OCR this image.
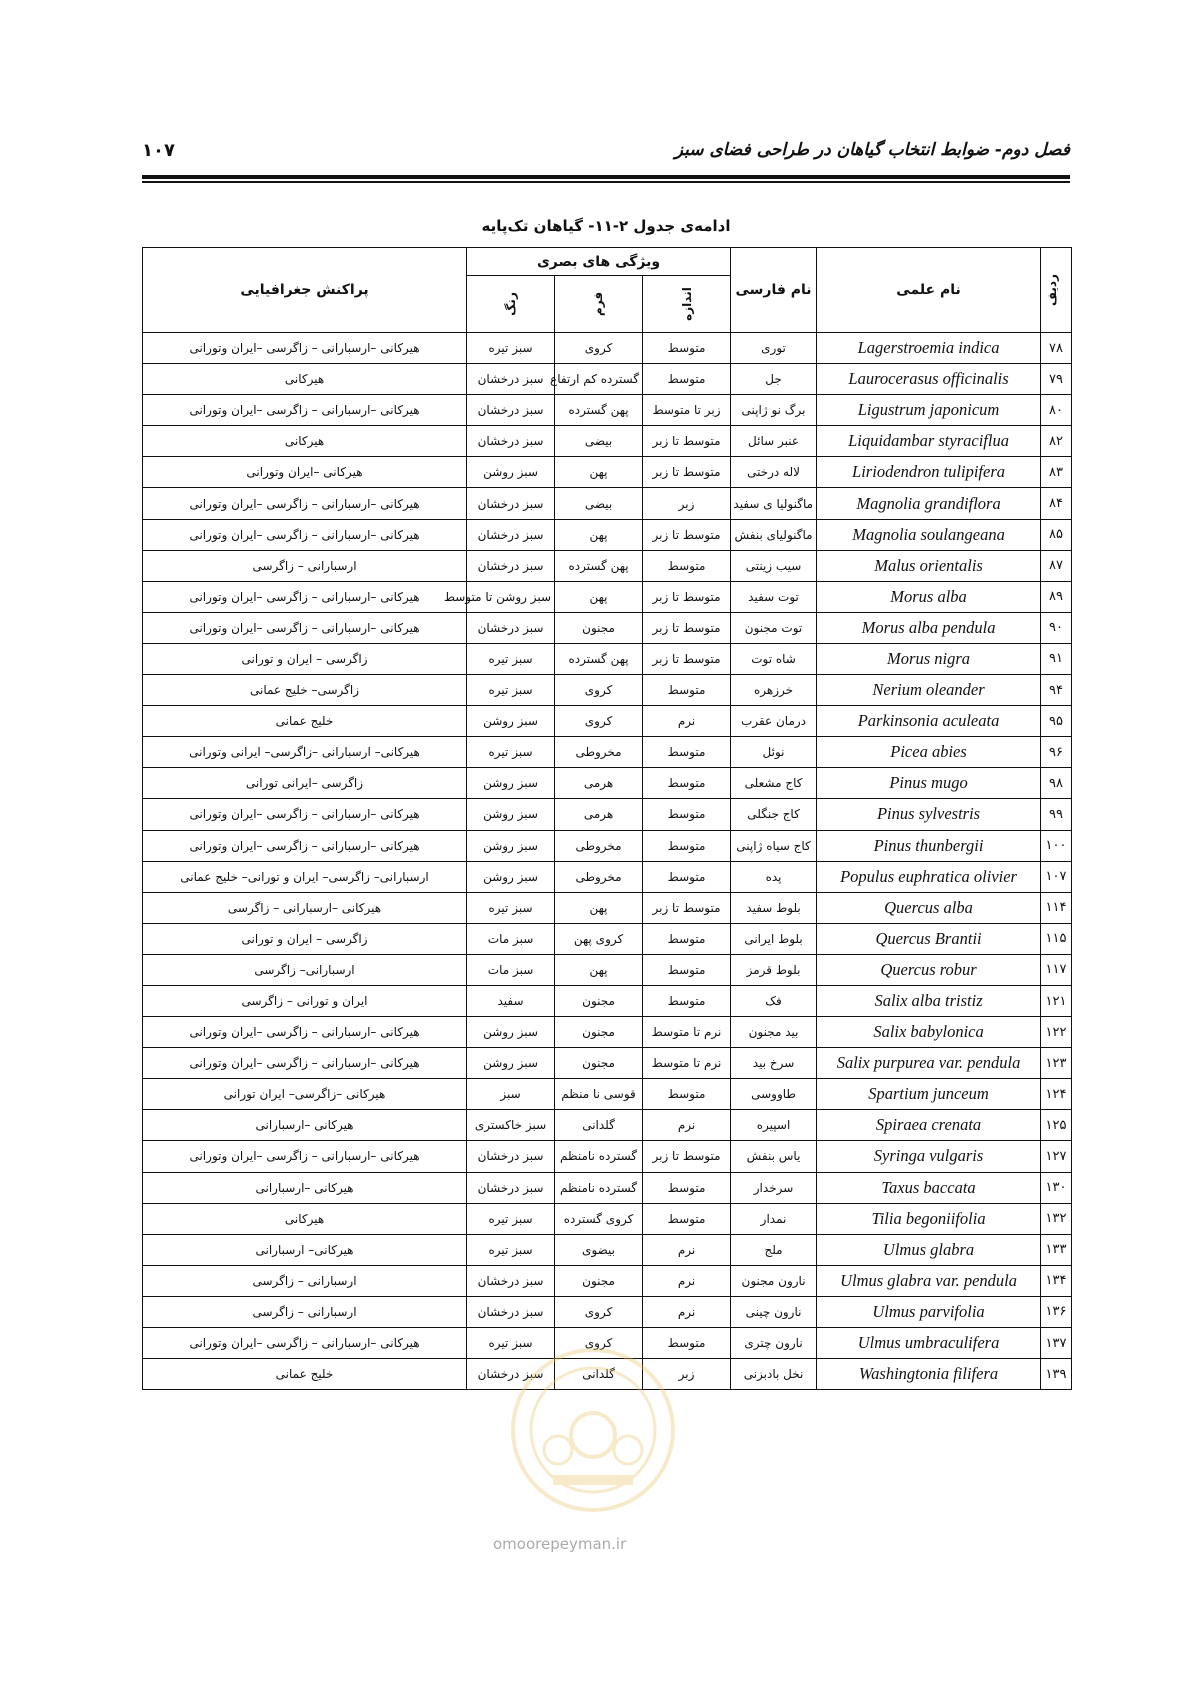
فصل دوم- ضوابط انتخاب گیاهان در طراحی فضای سبز
۱۰۷
ادامه‌ی جدول ۲-۱۱- گیاهان تک‌پایه
ردیف	نام علمی	نام فارسی	ویژگی های بصری			پراکنش جغرافیایی
			اندازه	فرم	رنگ	
۷۸	Lagerstroemia indica	توری	متوسط	کروی	سبز تیره	هیرکانی –ارسبارانی – زاگرسی –ایران وتورانی
۷۹	Laurocerasus officinalis	جل	متوسط	گسترده کم ارتفاع	سبز درخشان	هیرکانی
۸۰	Ligustrum japonicum	برگ نو ژاپنی	زبر تا متوسط	پهن گسترده	سبز درخشان	هیرکانی –ارسبارانی – زاگرسی –ایران وتورانی
۸۲	Liquidambar styraciflua	عنبر سائل	متوسط تا زبر	بیضی	سبز درخشان	هیرکانی
۸۳	Liriodendron tulipifera	لاله درختی	متوسط تا زبر	پهن	سبز روشن	هیرکانی –ایران وتورانی
۸۴	Magnolia grandiflora	ماگنولیا ی سفید	زبر	بیضی	سبز درخشان	هیرکانی –ارسبارانی – زاگرسی –ایران وتورانی
۸۵	Magnolia soulangeana	ماگنولیای بنفش	متوسط تا زبر	پهن	سبز درخشان	هیرکانی –ارسبارانی – زاگرسی –ایران وتورانی
۸۷	Malus orientalis	سیب زینتی	متوسط	پهن گسترده	سبز درخشان	ارسبارانی – زاگرسی
۸۹	Morus alba	توت سفید	متوسط تا زبر	پهن	سبز روشن تا متوسط	هیرکانی –ارسبارانی – زاگرسی –ایران وتورانی
۹۰	Morus alba pendula	توت مجنون	متوسط تا زبر	مجنون	سبز درخشان	هیرکانی –ارسبارانی – زاگرسی –ایران وتورانی
۹۱	Morus nigra	شاه توت	متوسط تا زبر	پهن گسترده	سبز تیره	زاگرسی – ایران و تورانی
۹۴	Nerium oleander	خرزهره	متوسط	کروی	سبز تیره	زاگرسی– خلیج عمانی
۹۵	Parkinsonia aculeata	درمان عقرب	نرم	کروی	سبز روشن	خلیج عمانی
۹۶	Picea abies	نوئل	متوسط	مخروطی	سبز تیره	هیرکانی– ارسبارانی –زاگرسی– ایرانی وتورانی
۹۸	Pinus mugo	کاج مشعلی	متوسط	هرمی	سبز روشن	زاگرسی –ایرانی تورانی
۹۹	Pinus sylvestris	کاج جنگلی	متوسط	هرمی	سبز روشن	هیرکانی –ارسبارانی – زاگرسی –ایران وتورانی
۱۰۰	Pinus thunbergii	کاج سیاه ژاپنی	متوسط	مخروطی	سبز روشن	هیرکانی –ارسبارانی – زاگرسی –ایران وتورانی
۱۰۷	Populus euphratica olivier	پده	متوسط	مخروطی	سبز روشن	ارسبارانی– زاگرسی– ایران و تورانی– خلیج عمانی
۱۱۴	Quercus alba	بلوط سفید	متوسط تا زبر	پهن	سبز تیره	هیرکانی –ارسبارانی – زاگرسی
۱۱۵	Quercus Brantii	بلوط ایرانی	متوسط	کروی پهن	سبز مات	زاگرسی – ایران و تورانی
۱۱۷	Quercus robur	بلوط قرمز	متوسط	پهن	سبز مات	ارسبارانی– زاگرسی
۱۲۱	Salix alba tristiz	فک	متوسط	مجنون	سفید	ایران و تورانی – زاگرسی
۱۲۲	Salix babylonica	بید مجنون	نرم تا متوسط	مجنون	سبز روشن	هیرکانی –ارسبارانی – زاگرسی –ایران وتورانی
۱۲۳	Salix purpurea var. pendula	سرخ بید	نرم تا متوسط	مجنون	سبز روشن	هیرکانی –ارسبارانی – زاگرسی –ایران وتورانی
۱۲۴	Spartium junceum	طاووسی	متوسط	قوسی نا منظم	سبز	هیرکانی –زاگرسی– ایران تورانی
۱۲۵	Spiraea crenata	اسپیره	نرم	گلدانی	سبز خاکستری	هیرکانی –ارسبارانی
۱۲۷	Syringa vulgaris	یاس بنفش	متوسط تا زبر	گسترده نامنظم	سبز درخشان	هیرکانی –ارسبارانی – زاگرسی –ایران وتورانی
۱۳۰	Taxus baccata	سرخدار	متوسط	گسترده نامنظم	سبز درخشان	هیرکانی –ارسبارانی
۱۳۲	Tilia begoniifolia	نمدار	متوسط	کروی گسترده	سبز تیره	هیرکانی
۱۳۳	Ulmus glabra	ملج	نرم	بیضوی	سبز تیره	هیرکانی– ارسبارانی
۱۳۴	Ulmus glabra var. pendula	نارون مجنون	نرم	مجنون	سبز درخشان	ارسبارانی – زاگرسی
۱۳۶	Ulmus parvifolia	نارون چینی	نرم	کروی	سبز درخشان	ارسبارانی – زاگرسی
۱۳۷	Ulmus umbraculifera	نارون چتری	متوسط	کروی	سبز تیره	هیرکانی –ارسبارانی – زاگرسی –ایران وتورانی
۱۳۹	Washingtonia filifera	نخل بادبزنی	زبر	گلدانی	سبز درخشان	خلیج عمانی
omoorepeyman.ir
